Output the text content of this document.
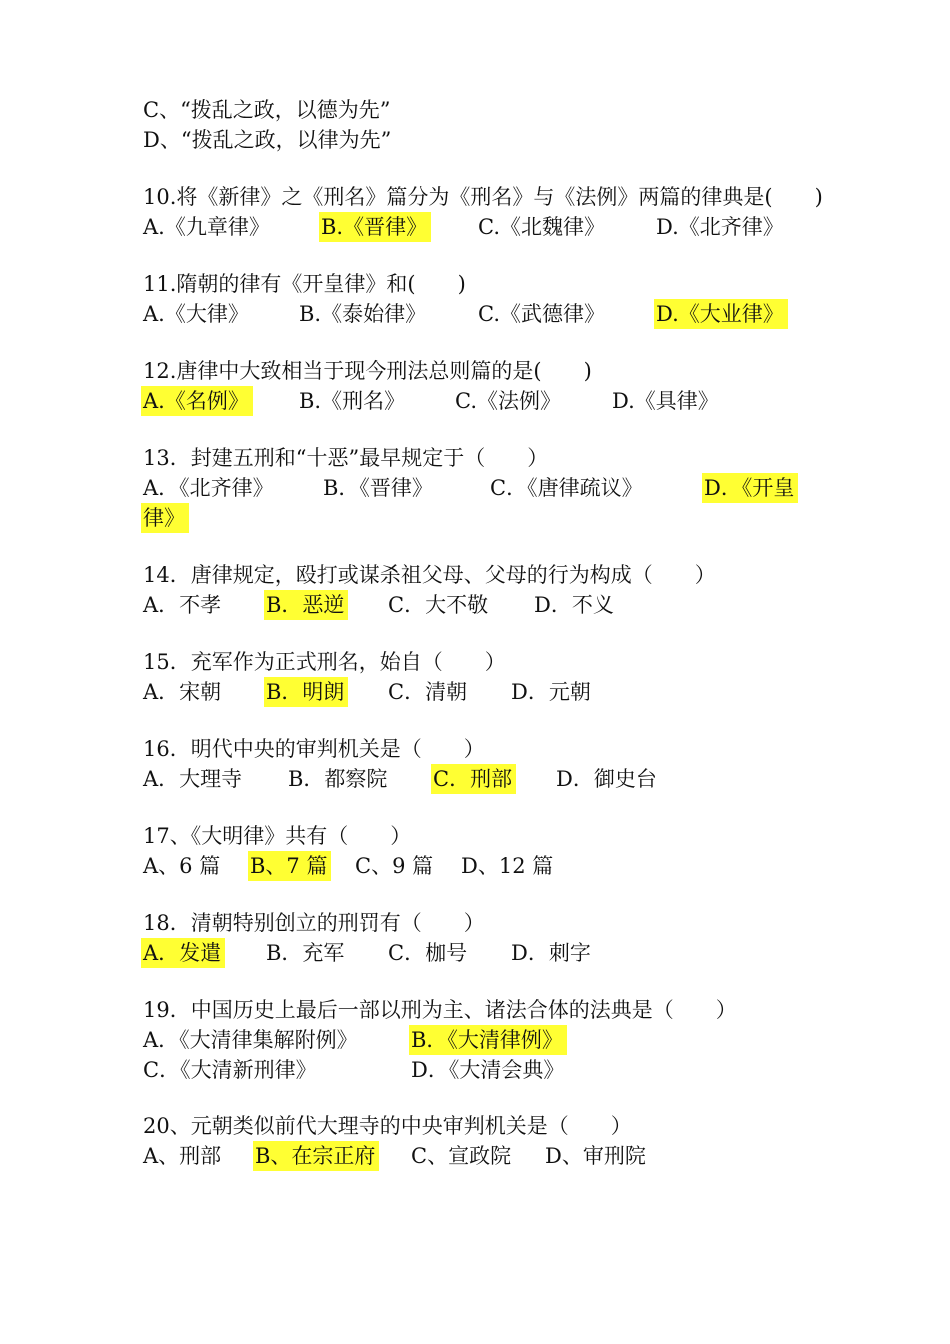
C、“拨乱之政，以德为先”
D、“拨乱之政，以律为先”
10.将《新律》之《刑名》篇分为《刑名》与《法例》两篇的律典是(　　)
A.《九章律》 B.《晋律》 C.《北魏律》 D.《北齐律》
11.隋朝的律有《开皇律》和(　　)
A.《大律》 B.《泰始律》 C.《武德律》 D.《大业律》
12.唐律中大致相当于现今刑法总则篇的是(　　)
A.《名例》 B.《刑名》 C.《法例》 D.《具律》
13．封建五刑和“十恶”最早规定于（　　）
A．《北齐律》 B．《晋律》	C．《唐律疏议》	D．《开皇
律》
14．唐律规定，殴打或谋杀祖父母、父母的行为构成（　　）
A．不孝 B．恶逆 C．大不敬 D．不义
15．充军作为正式刑名，始自（　　）
A．宋朝 B．明朗 C．清朝 D．元朝
16．明代中央的审判机关是（　　）
A．大理寺 B．都察院 C．刑部 D．御史台
17、《大明律》共有（　　）
A、6 篇 B、7 篇 C、9 篇 D、12 篇
18．清朝特别创立的刑罚有（　　）
A．发遣 B．充军 C．枷号 D．刺字
19．中国历史上最后一部以刑为主、诸法合体的法典是（　　）
A．《大清律集解附例》	B．《大清律例》
C．《大清新刑律》	D．《大清会典》
20、元朝类似前代大理寺的中央审判机关是（　　）
A、刑部 B、在宗正府 C、宣政院 D、审刑院
